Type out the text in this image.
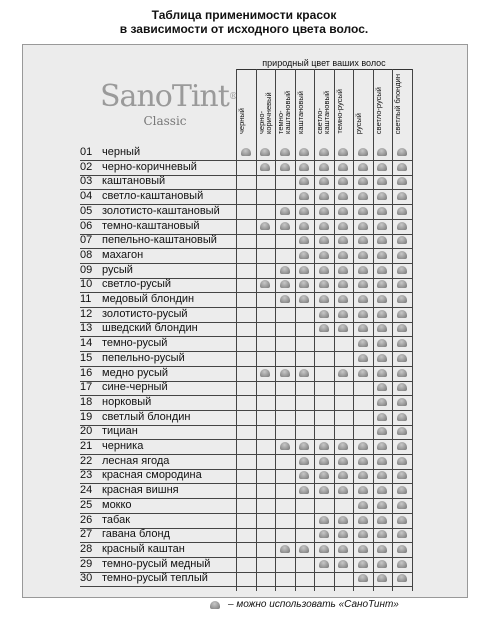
Таблица применимости красок
в зависимости от исходного цвета волос.
SanoTint®
Classic
природный цвет ваших волос
черный черно-коричневый темно-каштановый каштановый светло-каштановый темно-русый русый светло-русый светлый блондин
01 черный
02 черно-коричневый
03 каштановый
04 светло-каштановый
05 золотисто-каштановый
06 темно-каштановый
07 пепельно-каштановый
08 махагон
09 русый
10 светло-русый
11 медовый блондин
12 золотисто-русый
13 шведский блондин
14 темно-русый
15 пепельно-русый
16 медно русый
17 сине-черный
18 норковый
19 светлый блондин
20 тициан
21 черника
22 лесная ягода
23 красная смородина
24 красная вишня
25 мокко
26 табак
27 гавана блонд
28 красный каштан
29 темно-русый медный
30 темно-русый теплый
– можно использовать «СаноТинт»
